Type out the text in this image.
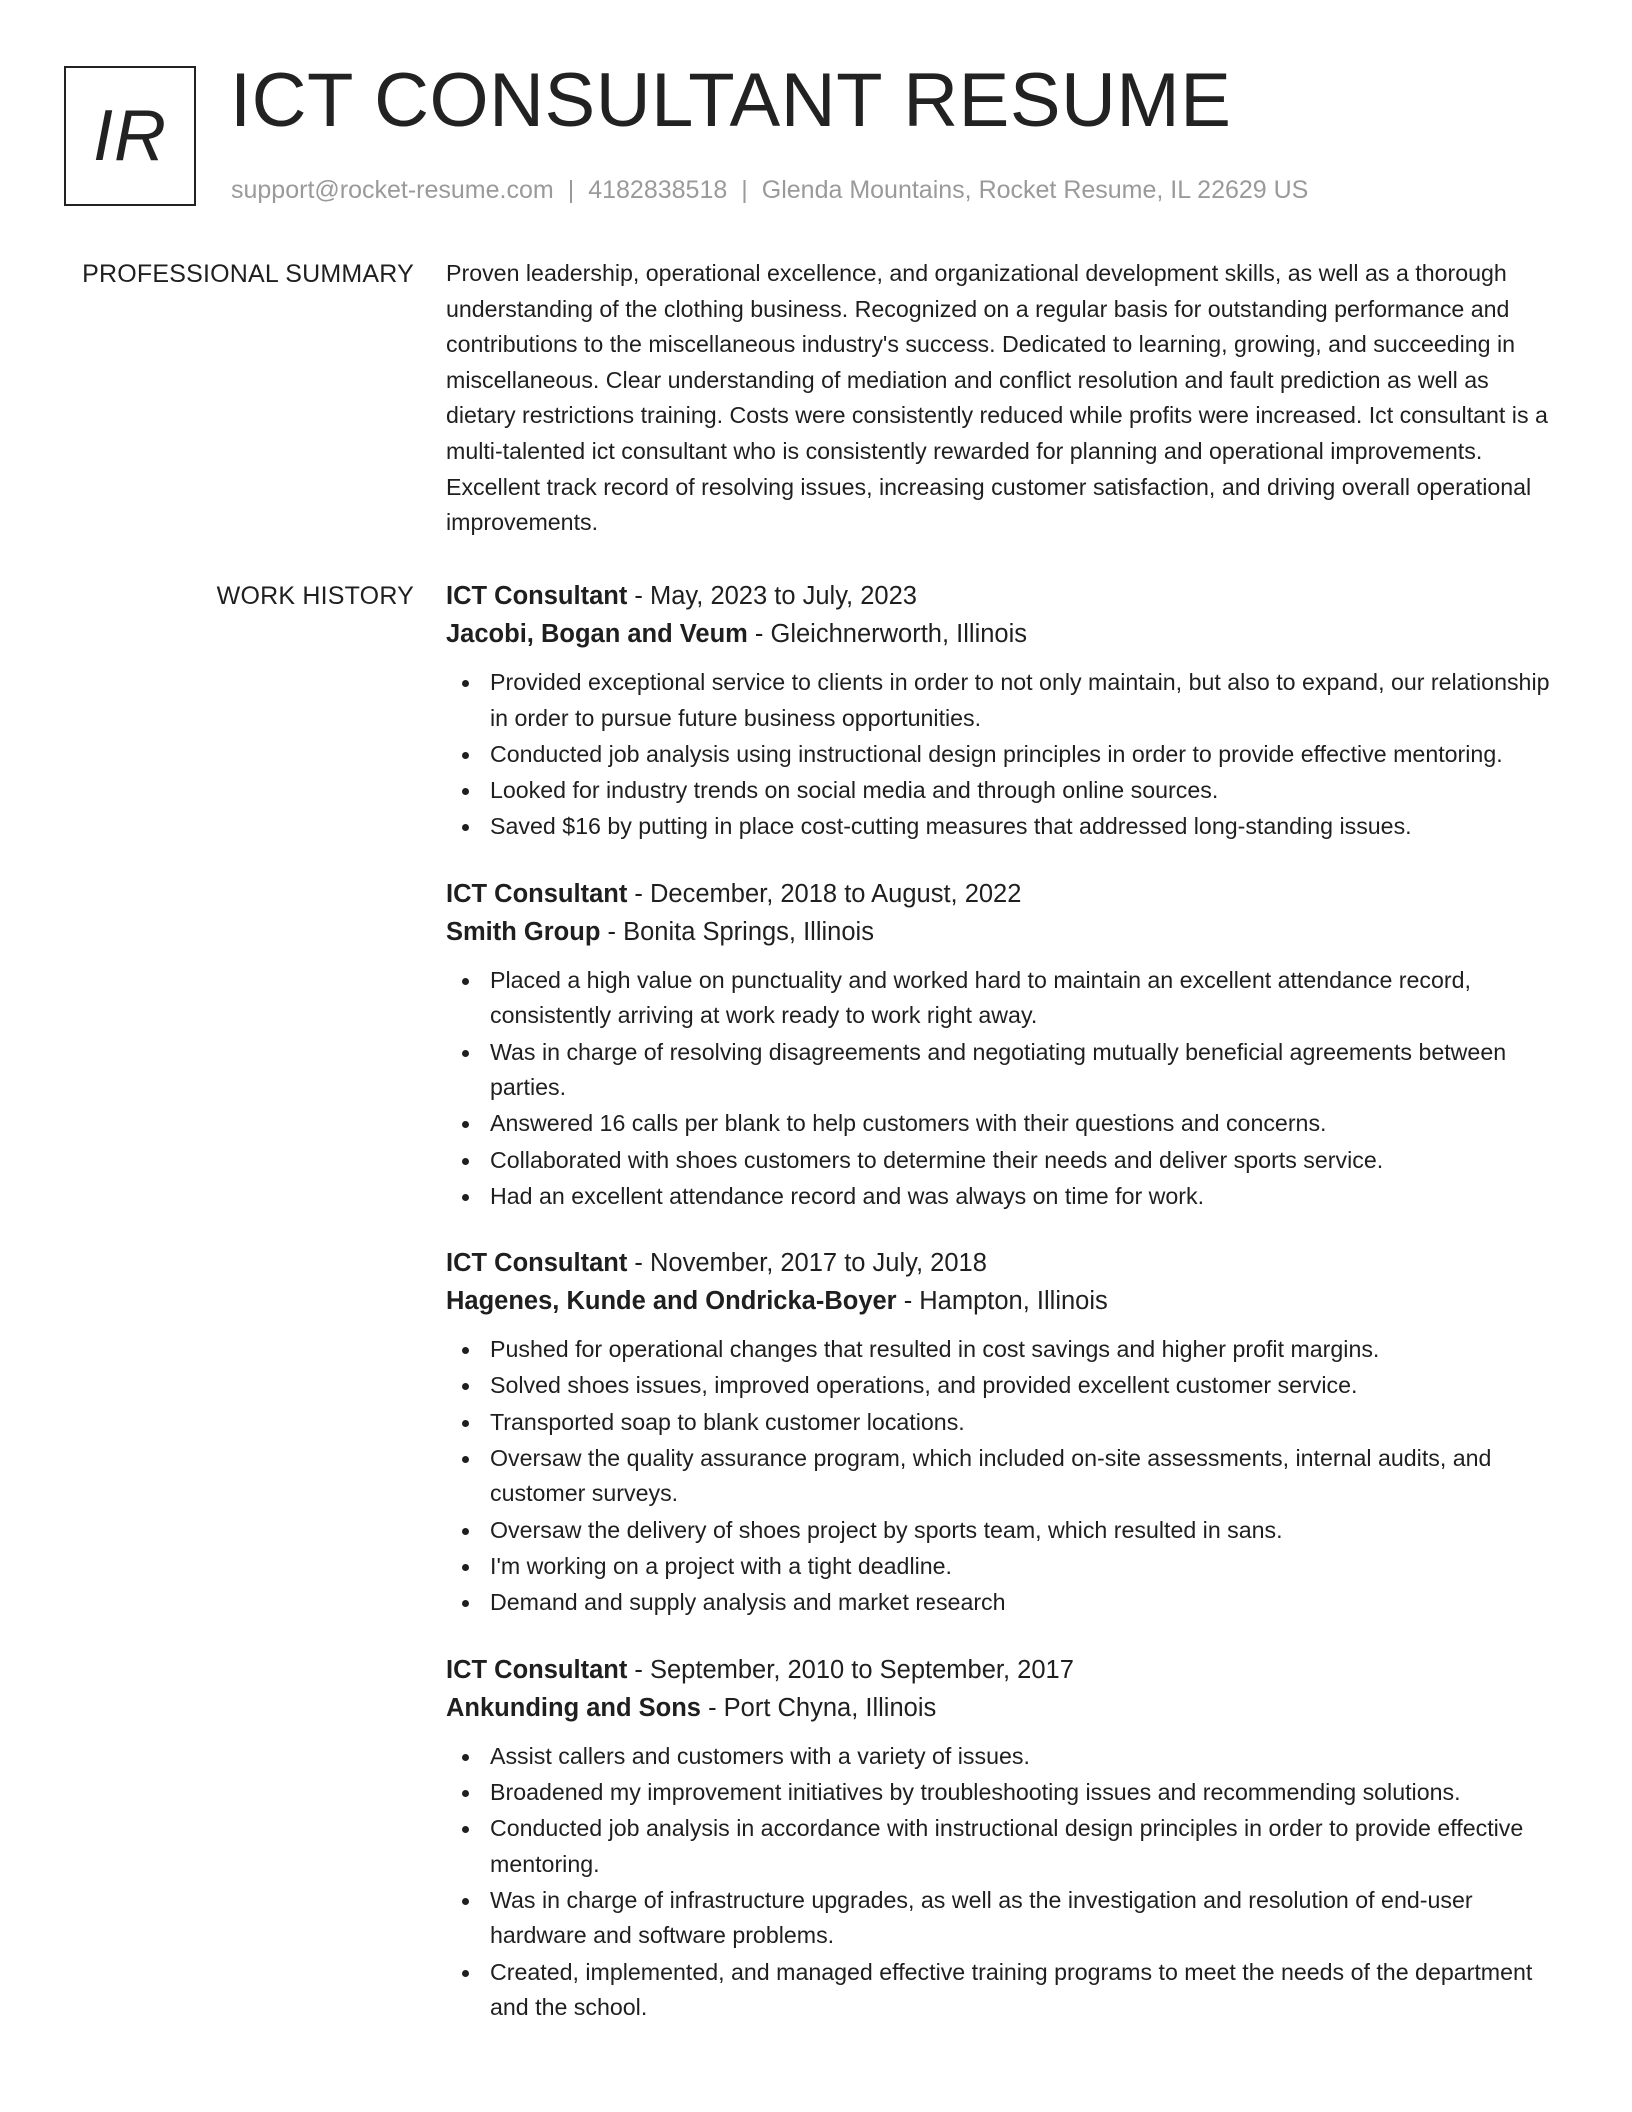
IR ICT CONSULTANT RESUME
support@rocket-resume.com | 4182838518 | Glenda Mountains, Rocket Resume, IL 22629 US
PROFESSIONAL SUMMARY Proven leadership, operational excellence, and organizational development skills, as well as a thorough understanding of the clothing business. Recognized on a regular basis for outstanding performance and contributions to the miscellaneous industry's success. Dedicated to learning, growing, and succeeding in miscellaneous. Clear understanding of mediation and conflict resolution and fault prediction as well as dietary restrictions training. Costs were consistently reduced while profits were increased. Ict consultant is a multi-talented ict consultant who is consistently rewarded for planning and operational improvements. Excellent track record of resolving issues, increasing customer satisfaction, and driving overall operational improvements.

WORK HISTORY ICT Consultant - May, 2023 to July, 2023
Jacobi, Bogan and Veum - Gleichnerworth, Illinois
Provided exceptional service to clients in order to not only maintain, but also to expand, our relationship in order to pursue future business opportunities.
Conducted job analysis using instructional design principles in order to provide effective mentoring.
Looked for industry trends on social media and through online sources.
Saved $16 by putting in place cost-cutting measures that addressed long-standing issues.
ICT Consultant - December, 2018 to August, 2022
Smith Group - Bonita Springs, Illinois
Placed a high value on punctuality and worked hard to maintain an excellent attendance record, consistently arriving at work ready to work right away.
Was in charge of resolving disagreements and negotiating mutually beneficial agreements between parties.
Answered 16 calls per blank to help customers with their questions and concerns.
Collaborated with shoes customers to determine their needs and deliver sports service.
Had an excellent attendance record and was always on time for work.
ICT Consultant - November, 2017 to July, 2018
Hagenes, Kunde and Ondricka-Boyer - Hampton, Illinois
Pushed for operational changes that resulted in cost savings and higher profit margins.
Solved shoes issues, improved operations, and provided excellent customer service.
Transported soap to blank customer locations.
Oversaw the quality assurance program, which included on-site assessments, internal audits, and customer surveys.
Oversaw the delivery of shoes project by sports team, which resulted in sans.
I'm working on a project with a tight deadline.
Demand and supply analysis and market research
ICT Consultant - September, 2010 to September, 2017
Ankunding and Sons - Port Chyna, Illinois
Assist callers and customers with a variety of issues.
Broadened my improvement initiatives by troubleshooting issues and recommending solutions.
Conducted job analysis in accordance with instructional design principles in order to provide effective mentoring.
Was in charge of infrastructure upgrades, as well as the investigation and resolution of end-user hardware and software problems.
Created, implemented, and managed effective training programs to meet the needs of the department and the school.
